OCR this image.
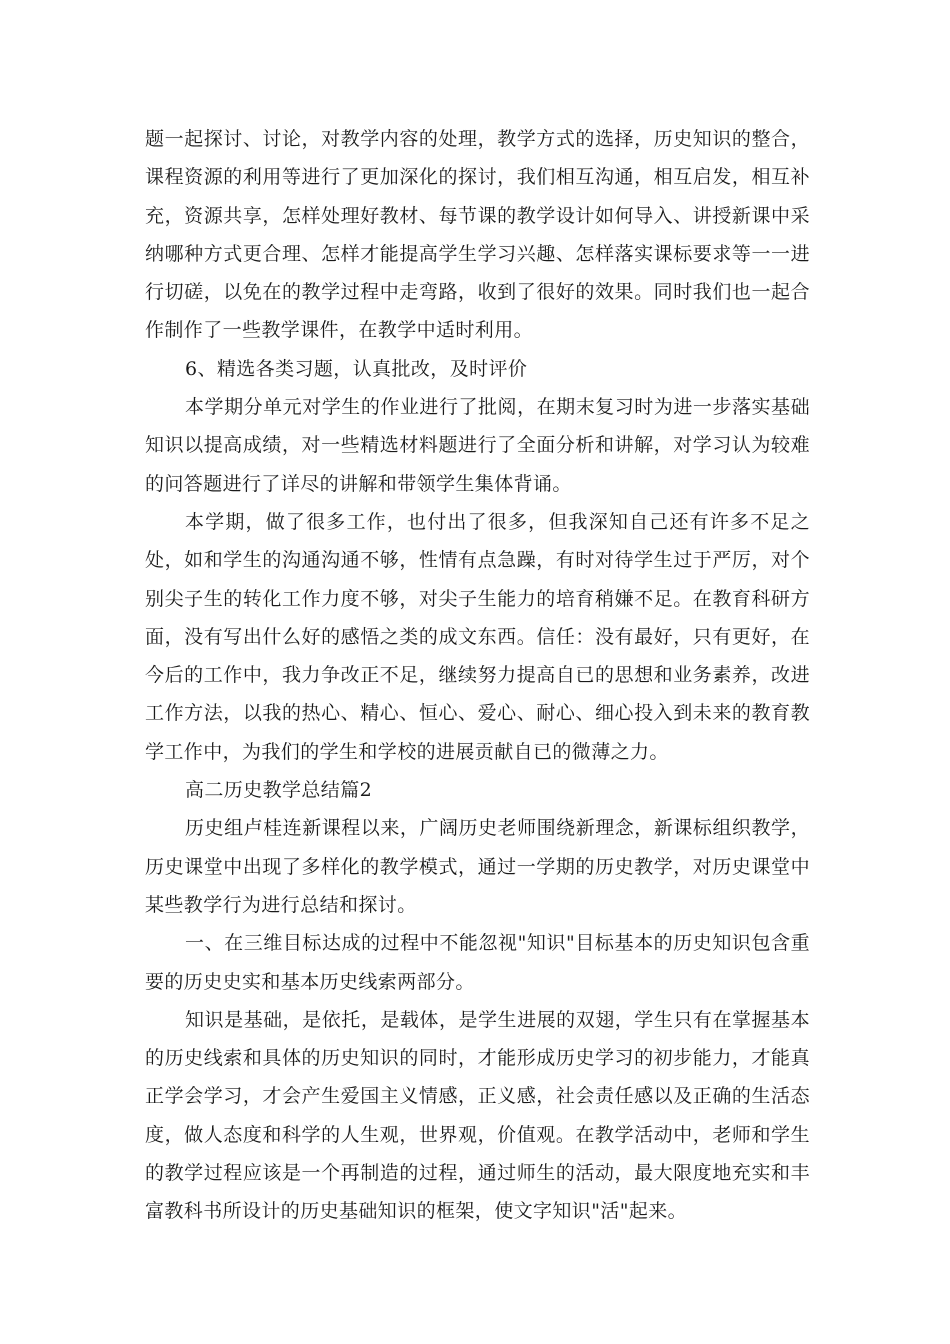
题一起探讨、讨论，对教学内容的处理，教学方式的选择，历史知识的整合，课程资源的利用等进行了更加深化的探讨，我们相互沟通，相互启发，相互补充，资源共享，怎样处理好教材、每节课的教学设计如何导入、讲授新课中采纳哪种方式更合理、怎样才能提高学生学习兴趣、怎样落实课标要求等一一进行切磋，以免在的教学过程中走弯路，收到了很好的效果。同时我们也一起合作制作了一些教学课件，在教学中适时利用。

6、精选各类习题，认真批改，及时评价

本学期分单元对学生的作业进行了批阅，在期末复习时为进一步落实基础知识以提高成绩，对一些精选材料题进行了全面分析和讲解，对学习认为较难的问答题进行了详尽的讲解和带领学生集体背诵。

本学期，做了很多工作，也付出了很多，但我深知自己还有许多不足之处，如和学生的沟通沟通不够，性情有点急躁，有时对待学生过于严厉，对个别尖子生的转化工作力度不够，对尖子生能力的培育稍嫌不足。在教育科研方面，没有写出什么好的感悟之类的成文东西。信任：没有最好，只有更好，在今后的工作中，我力争改正不足，继续努力提高自已的思想和业务素养，改进工作方法，以我的热心、精心、恒心、爱心、耐心、细心投入到未来的教育教学工作中，为我们的学生和学校的进展贡献自已的微薄之力。

高二历史教学总结篇2

历史组卢桂连新课程以来，广阔历史老师围绕新理念，新课标组织教学，历史课堂中出现了多样化的教学模式，通过一学期的历史教学，对历史课堂中某些教学行为进行总结和探讨。

一、在三维目标达成的过程中不能忽视"知识"目标基本的历史知识包含重要的历史史实和基本历史线索两部分。

知识是基础，是依托，是载体，是学生进展的双翅，学生只有在掌握基本的历史线索和具体的历史知识的同时，才能形成历史学习的初步能力，才能真正学会学习，才会产生爱国主义情感，正义感，社会责任感以及正确的生活态度，做人态度和科学的人生观，世界观，价值观。在教学活动中，老师和学生的教学过程应该是一个再制造的过程，通过师生的活动，最大限度地充实和丰富教科书所设计的历史基础知识的框架，使文字知识"活"起来。
